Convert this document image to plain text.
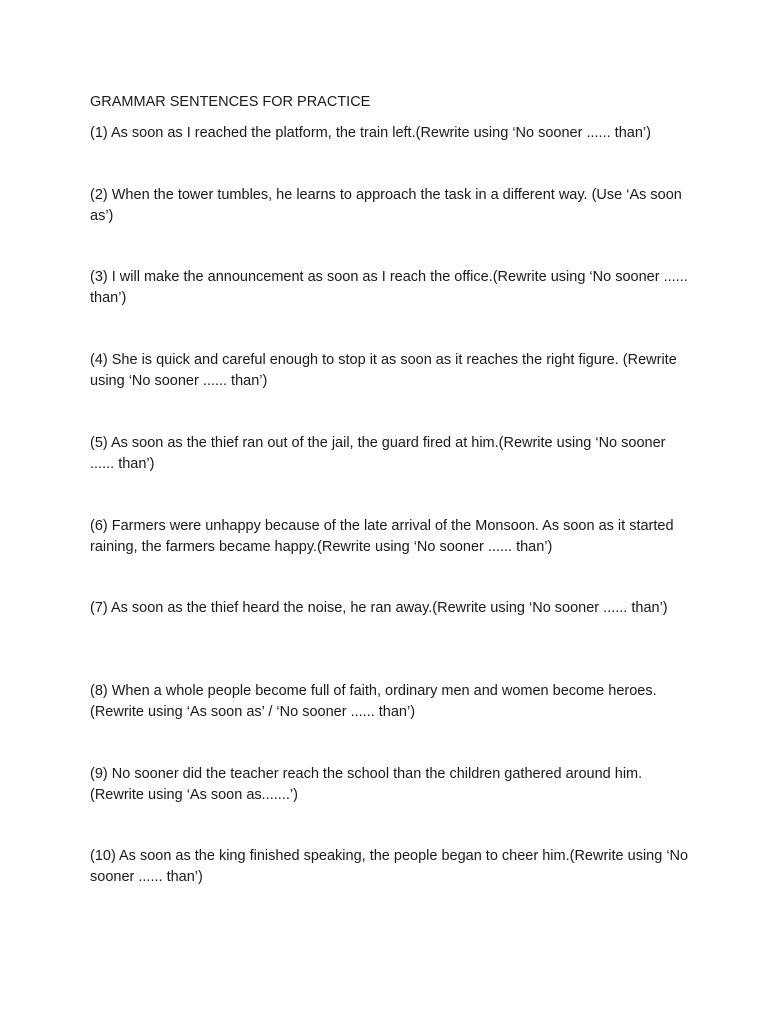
GRAMMAR SENTENCES FOR PRACTICE

(1) As soon as I reached the platform, the train left.(Rewrite using ‘No sooner ...... than’)

(2) When the tower tumbles, he learns to approach the task in a different way. (Use ‘As soon as’)

(3) I will make the announcement as soon as I reach the office.(Rewrite using ‘No sooner ...... than’)

(4) She is quick and careful enough to stop it as soon as it reaches the right figure. (Rewrite using ‘No sooner ...... than’)

(5) As soon as the thief ran out of the jail, the guard fired at him.(Rewrite using ‘No sooner ...... than’)

(6) Farmers were unhappy because of the late arrival of the Monsoon. As soon as it started raining, the farmers became happy.(Rewrite using ‘No sooner ...... than’)

(7) As soon as the thief heard the noise, he ran away.(Rewrite using ‘No sooner ...... than’)

(8) When a whole people become full of faith, ordinary men and women become heroes.(Rewrite using ‘As soon as’ / ‘No sooner ...... than’)

(9) No sooner did the teacher reach the school than the children gathered around him.(Rewrite using ‘As soon as.......’)

(10) As soon as the king finished speaking, the people began to cheer him.(Rewrite using ‘No sooner ...... than’)
